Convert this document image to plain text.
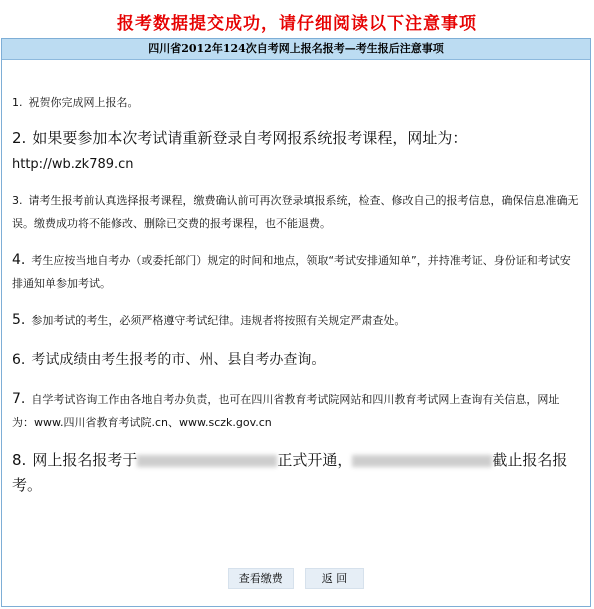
报考数据提交成功，请仔细阅读以下注意事项
四川省2012年124次自考网上报名报考—考生报后注意事项
1. 祝贺你完成网上报名。
2. 如果要参加本次考试请重新登录自考网报系统报考课程，网址为：
http://wb.zk789.cn
3. 请考生报考前认真选择报考课程，缴费确认前可再次登录填报系统，检查、修改自己的报考信息，确保信息准确无误。缴费成功将不能修改、删除已交费的报考课程，也不能退费。
4. 考生应按当地自考办（或委托部门）规定的时间和地点，领取“考试安排通知单”，并持准考证、身份证和考试安排通知单参加考试。
5. 参加考试的考生，必须严格遵守考试纪律。违规者将按照有关规定严肃查处。
6. 考试成绩由考生报考的市、州、县自考办查询。
7. 自学考试咨询工作由各地自考办负责，也可在四川省教育考试院网站和四川教育考试网上查询有关信息，网址为：www.四川省教育考试院.cn、www.sczk.gov.cn
8. 网上报名报考于	正式开通，	截止报名报考。
查看缴费	返 回
